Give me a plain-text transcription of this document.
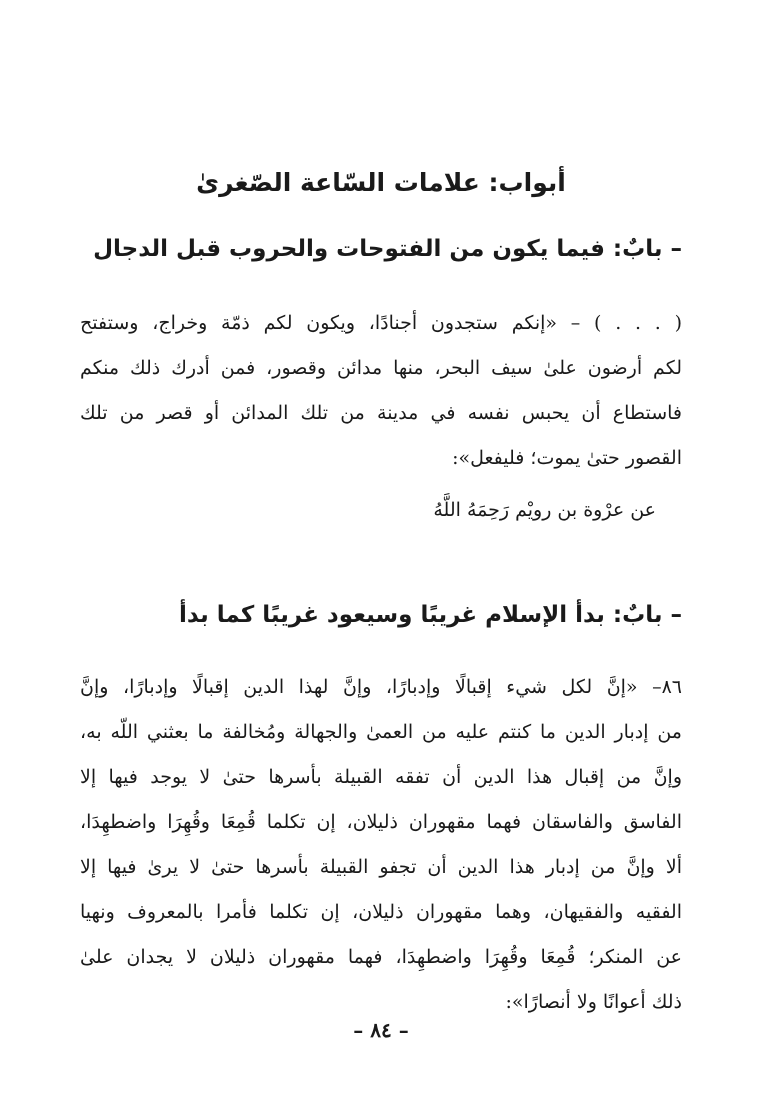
أبواب: علامات السّاعة الصّغرىٰ
– بابٌ: فيما يكون من الفتوحات والحروب قبل الدجال
( . . . ) – «إنكم ستجدون أجنادًا، ويكون لكم ذمّة وخراج، وستفتح
لكم أرضون علىٰ سيف البحر، منها مدائن وقصور، فمن أدرك ذلك منكم
فاستطاع أن يحبس نفسه في مدينة من تلك المدائن أو قصر من تلك
القصور حتىٰ يموت؛ فليفعل»:
عن عرْوة بن رويْم رَحِمَهُ اللَّهُ
– بابٌ: بدأ الإسلام غريبًا وسيعود غريبًا كما بدأ
٨٦– «إنَّ لكل شيء إقبالًا وإدبارًا، وإنَّ لهذا الدين إقبالًا وإدبارًا، وإنَّ
من إدبار الدين ما كنتم عليه من العمىٰ والجهالة ومُخالفة ما بعثني اللّه به،
وإنَّ من إقبال هذا الدين أن تفقه القبيلة بأسرها حتىٰ لا يوجد فيها إلا
الفاسق والفاسقان فهما مقهوران ذليلان، إن تكلما قُمِعَا وقُهِرَا واضطهِدَا،
ألا وإنَّ من إدبار هذا الدين أن تجفو القبيلة بأسرها حتىٰ لا يرىٰ فيها إلا
الفقيه والفقيهان، وهما مقهوران ذليلان، إن تكلما فأمرا بالمعروف ونهيا
عن المنكر؛ قُمِعَا وقُهِرَا واضطهِدَا، فهما مقهوران ذليلان لا يجدان علىٰ
ذلك أعوانًا ولا أنصارًا»:
– ٨٤ –
